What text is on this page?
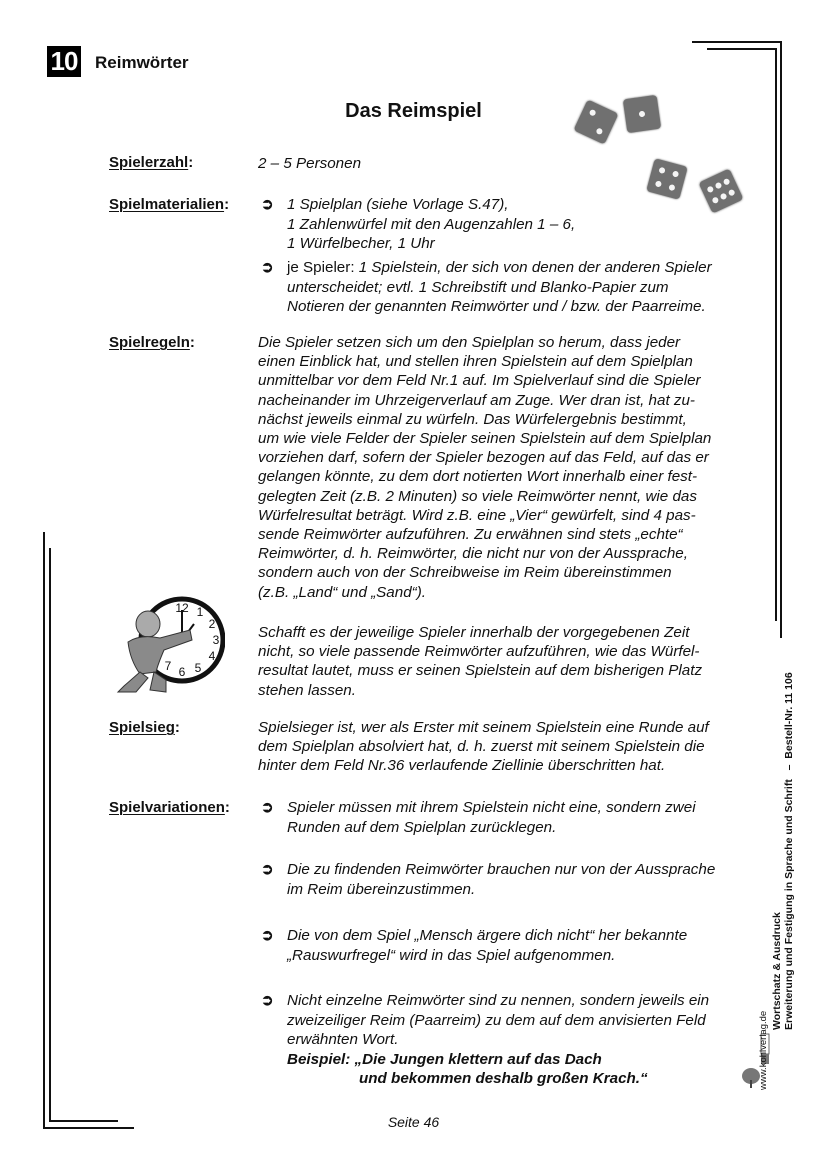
10 Reimwörter
Das Reimspiel
Spielerzahl:	2 – 5 Personen
Spielmaterialien: ➲ 1 Spielplan (siehe Vorlage S.47),
1 Zahlenwürfel mit den Augenzahlen 1 – 6,
1 Würfelbecher, 1 Uhr
➲ je Spieler: 1 Spielstein, der sich von denen der anderen Spieler
unterscheidet; evtl. 1 Schreibstift und Blanko-Papier zum
Notieren der genannten Reimwörter und / bzw. der Paarreime.
Spielregeln:	Die Spieler setzen sich um den Spielplan so herum, dass jeder
einen Einblick hat, und stellen ihren Spielstein auf dem Spielplan
unmittelbar vor dem Feld Nr.1 auf. Im Spielverlauf sind die Spieler
nacheinander im Uhrzeigerverlauf am Zuge. Wer dran ist, hat zu-
nächst jeweils einmal zu würfeln. Das Würfelergebnis bestimmt,
um wie viele Felder der Spieler seinen Spielstein auf dem Spielplan
vorziehen darf, sofern der Spieler bezogen auf das Feld, auf das er
gelangen könnte, zu dem dort notierten Wort innerhalb einer fest-
gelegten Zeit (z.B. 2 Minuten) so viele Reimwörter nennt, wie das
Würfelresultat beträgt. Wird z.B. eine „Vier“ gewürfelt, sind 4 pas-
sende Reimwörter aufzuführen. Zu erwähnen sind stets „echte“
Reimwörter, d. h. Reimwörter, die nicht nur von der Aussprache,
sondern auch von der Schreibweise im Reim übereinstimmen
(z.B. „Land“ und „Sand“).
12 1
2
3
4
5
6
7
Schafft es der jeweilige Spieler innerhalb der vorgegebenen Zeit
nicht, so viele passende Reimwörter aufzuführen, wie das Würfel-
resultat lautet, muss er seinen Spielstein auf dem bisherigen Platz
stehen lassen.
Spielsieg:	Spielsieger ist, wer als Erster mit seinem Spielstein eine Runde auf
dem Spielplan absolviert hat, d. h. zuerst mit seinem Spielstein die
hinter dem Feld Nr.36 verlaufende Ziellinie überschritten hat.
Spielvariationen: ➲ Spieler müssen mit ihrem Spielstein nicht eine, sondern zwei
Runden auf dem Spielplan zurücklegen.
➲ Die zu findenden Reimwörter brauchen nur von der Aussprache
im Reim übereinzustimmen.
➲ Die von dem Spiel „Mensch ärgere dich nicht“ her bekannte
„Rauswurfregel“ wird in das Spiel aufgenommen.
➲ Nicht einzelne Reimwörter sind zu nennen, sondern jeweils ein
zweizeiliger Reim (Paarreim) zu dem auf dem anvisierten Feld
erwähnten Wort.
Beispiel: „Die Jungen klettern auf das Dach
und bekommen deshalb großen Krach.“	www.kohlverlag.de
Wortschatz & Ausdruck Erweiterung und Festigung in Sprache und Schrift   –  Bestell-Nr. 11 106
Seite 46
